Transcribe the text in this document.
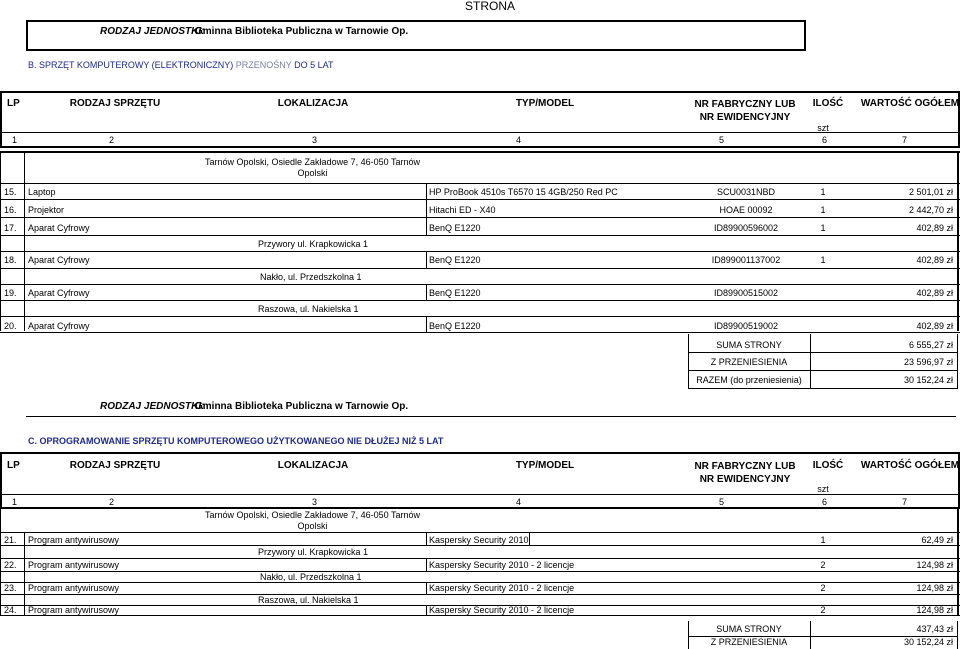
STRONA
RODZAJ JEDNOSTKI:
Gminna Biblioteka Publiczna w Tarnowie Op.
B. SPRZĘT KOMPUTEROWY (ELEKTRONICZNY) PRZENOŚNY DO 5 LAT
LP	RODZAJ SPRZĘTU	LOKALIZACJA	TYP/MODEL	NR FABRYCZNY LUB NR EWIDENCYJNY
ILOŚĆ
szt
WARTOŚĆ OGÓŁEM
1	2	3	4	5	6	7
Tarnów Opolski, Osiedle Zakładowe 7, 46-050 Tarnów Opolski
15. Laptop	HP ProBook 4510s T6570 15 4GB/250 Red PC	SCU0031NBD	1	2 501,01 zł
16. Projektor	Hitachi ED - X40	HOAE 00092	1	2 442,70 zł
17. Aparat Cyfrowy	BenQ E1220	ID89900596002	1	402,89 zł
Przywory ul. Krapkowicka 1
18. Aparat Cyfrowy	BenQ E1220	ID899001137002	1	402,89 zł
Nakło, ul. Przedszkolna 1
19. Aparat Cyfrowy	BenQ E1220	ID89900515002	402,89 zł
Raszowa, ul. Nakielska 1
20. Aparat Cyfrowy	BenQ E1220	ID89900519002	402,89 zł
SUMA STRONY	6 555,27 zł
Z PRZENIESIENIA	23 596,97 zł
RAZEM (do przeniesienia)	30 152,24 zł
RODZAJ JEDNOSTKI:
Gminna Biblioteka Publiczna w Tarnowie Op.
C. OPROGRAMOWANIE SPRZĘTU KOMPUTEROWEGO UŻYTKOWANEGO NIE DŁUŻEJ NIŻ 5 LAT
LP	RODZAJ SPRZĘTU	LOKALIZACJA	TYP/MODEL	NR FABRYCZNY LUB NR EWIDENCYJNY
ILOŚĆ
szt
WARTOŚĆ OGÓŁEM
1	2	3	4	5	6	7
Tarnów Opolski, Osiedle Zakładowe 7, 46-050 Tarnów Opolski
21. Program antywirusowy	Kaspersky Security 2010	1	62,49 zł
Przywory ul. Krapkowicka 1
22. Program antywirusowy	Kaspersky Security 2010 - 2 licencje	2	124,98 zł
Nakło, ul. Przedszkolna 1
23. Program antywirusowy	Kaspersky Security 2010 - 2 licencje	2	124,98 zł
Raszowa, ul. Nakielska 1
24. Program antywirusowy	Kaspersky Security 2010 - 2 licencje	2	124,98 zł
SUMA STRONY	437,43 zł
Z PRZENIESIENIA	30 152,24 zł
